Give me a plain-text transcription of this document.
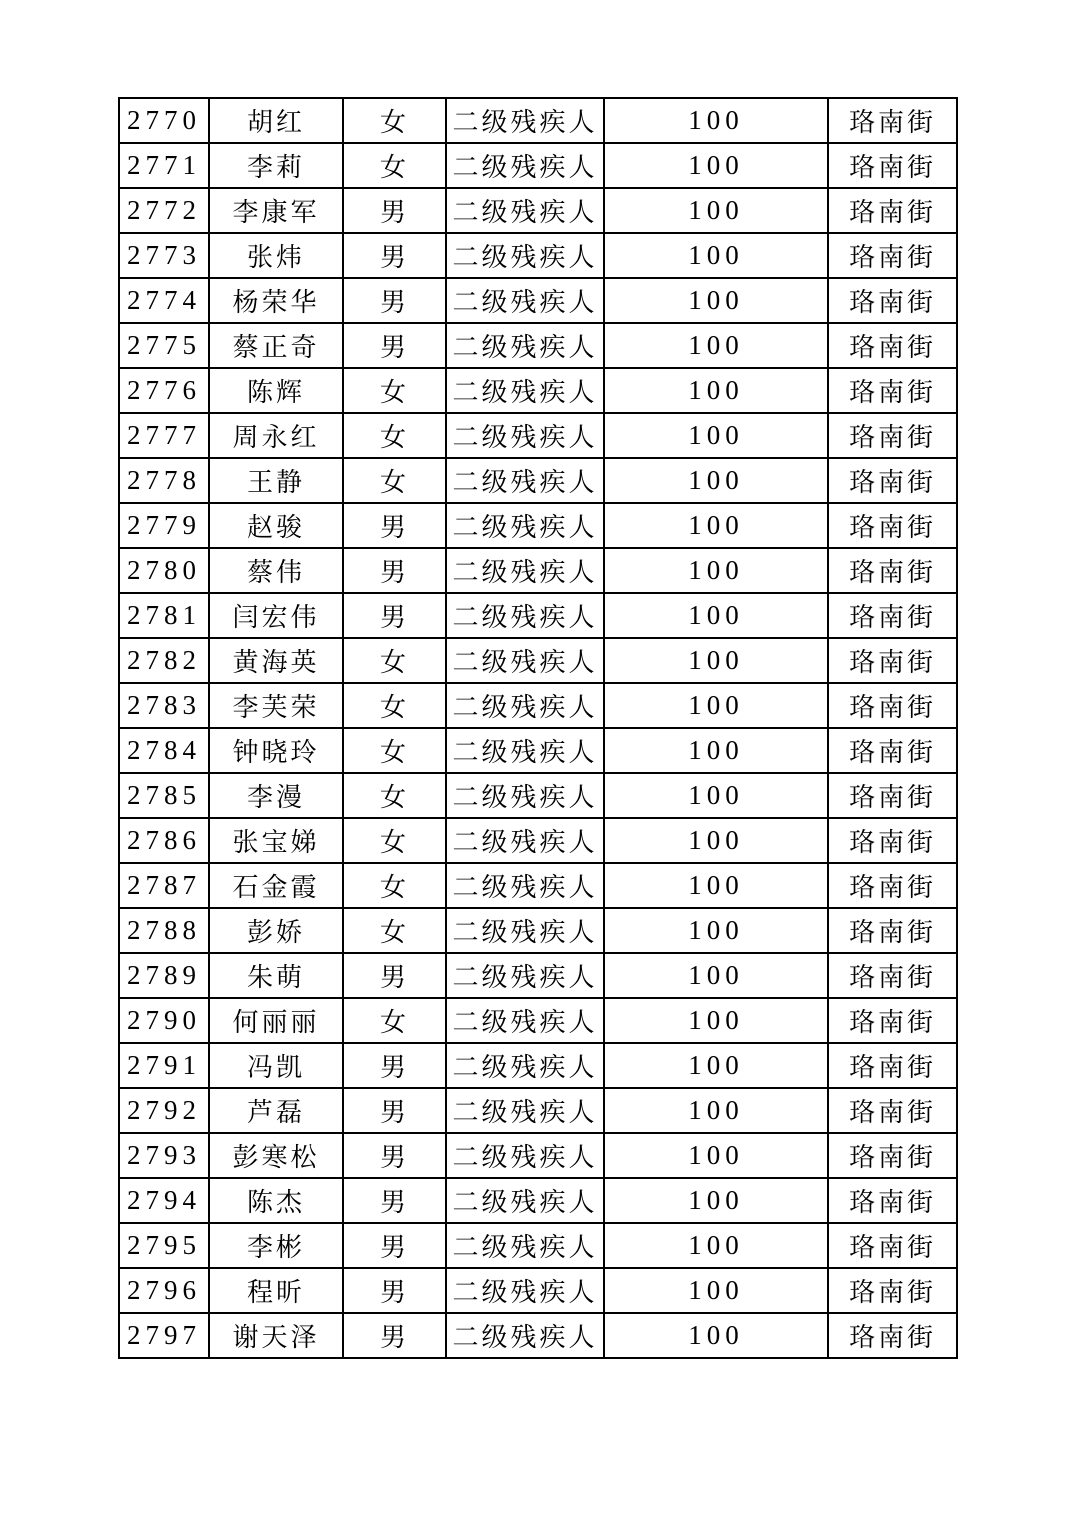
2770	胡红	女	二级残疾人	100	珞南街
2771	李莉	女	二级残疾人	100	珞南街
2772	李康军	男	二级残疾人	100	珞南街
2773	张炜	男	二级残疾人	100	珞南街
2774	杨荣华	男	二级残疾人	100	珞南街
2775	蔡正奇	男	二级残疾人	100	珞南街
2776	陈辉	女	二级残疾人	100	珞南街
2777	周永红	女	二级残疾人	100	珞南街
2778	王静	女	二级残疾人	100	珞南街
2779	赵骏	男	二级残疾人	100	珞南街
2780	蔡伟	男	二级残疾人	100	珞南街
2781	闫宏伟	男	二级残疾人	100	珞南街
2782	黄海英	女	二级残疾人	100	珞南街
2783	李芙荣	女	二级残疾人	100	珞南街
2784	钟晓玲	女	二级残疾人	100	珞南街
2785	李漫	女	二级残疾人	100	珞南街
2786	张宝娣	女	二级残疾人	100	珞南街
2787	石金霞	女	二级残疾人	100	珞南街
2788	彭娇	女	二级残疾人	100	珞南街
2789	朱萌	男	二级残疾人	100	珞南街
2790	何丽丽	女	二级残疾人	100	珞南街
2791	冯凯	男	二级残疾人	100	珞南街
2792	芦磊	男	二级残疾人	100	珞南街
2793	彭寒松	男	二级残疾人	100	珞南街
2794	陈杰	男	二级残疾人	100	珞南街
2795	李彬	男	二级残疾人	100	珞南街
2796	程昕	男	二级残疾人	100	珞南街
2797	谢天泽	男	二级残疾人	100	珞南街
